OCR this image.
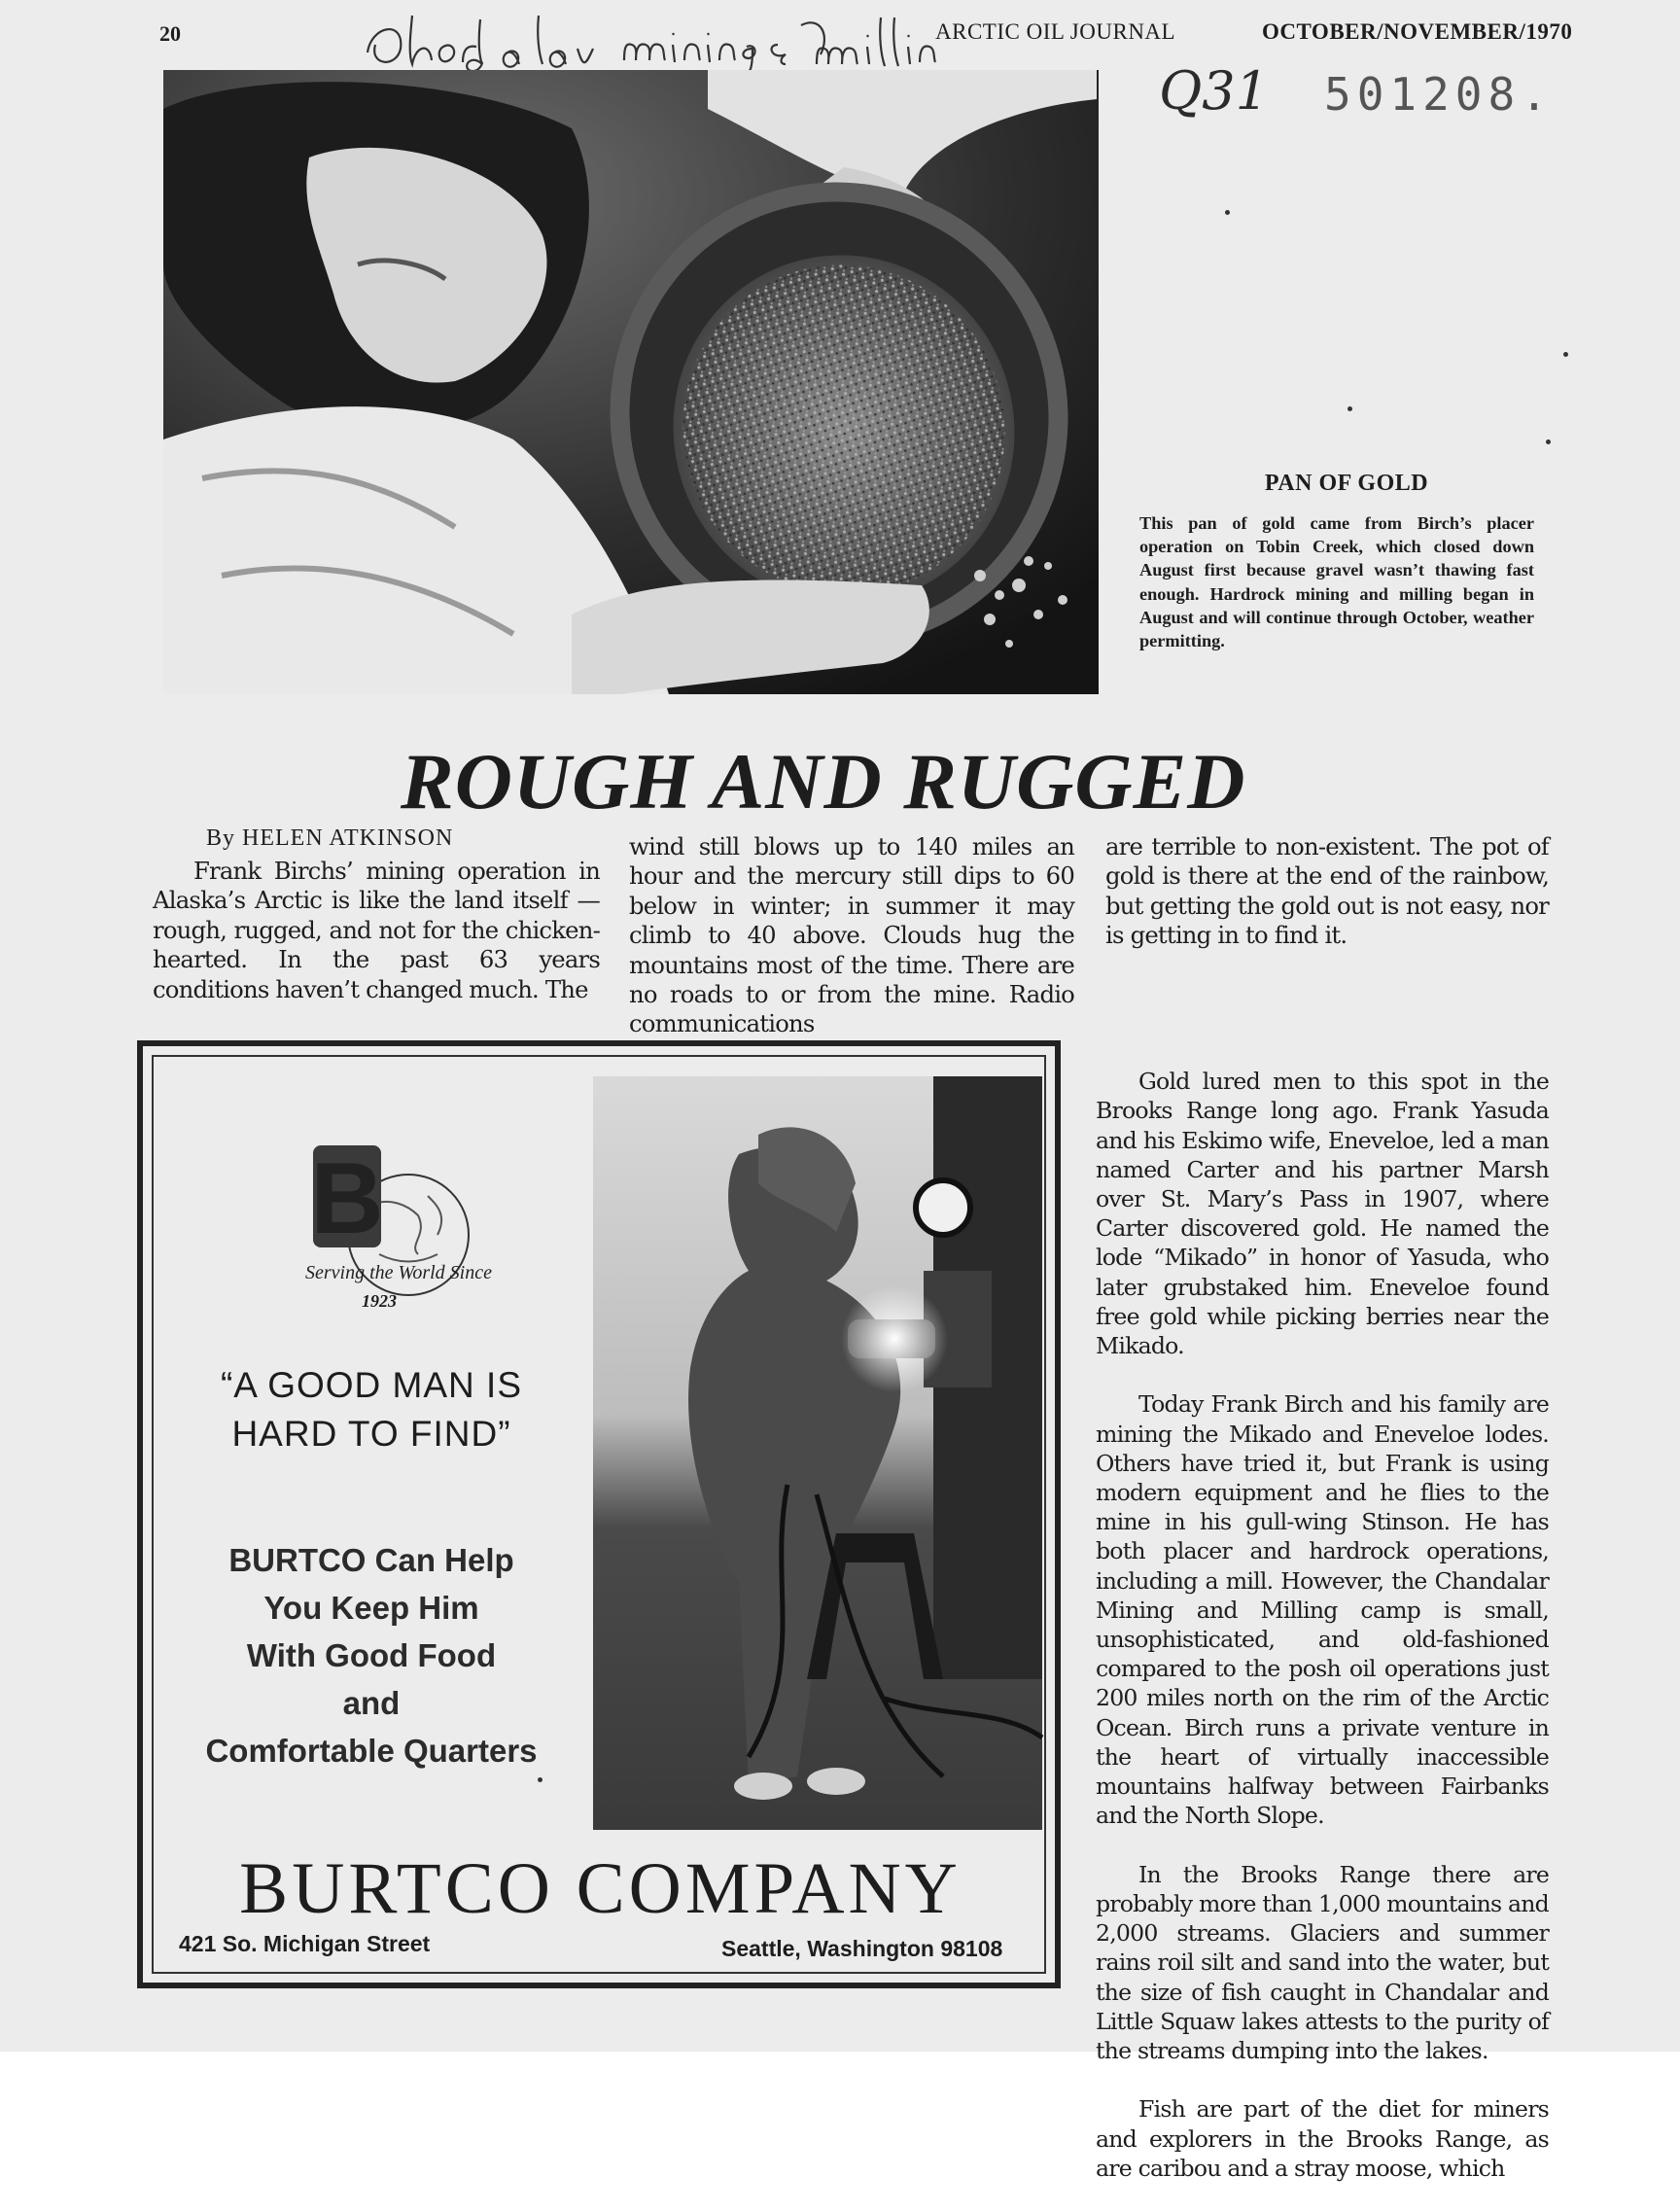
20	ARCTIC OIL JOURNAL	OCTOBER/NOVEMBER/1970
Q31 501208.
PAN OF GOLD
This pan of gold came from Birch’s placer operation on Tobin Creek, which closed down August first because gravel wasn’t thawing fast enough. Hardrock mining and milling began in August and will continue through October, weather permitting.
ROUGH AND RUGGED
By HELEN ATKINSON
Frank Birchs’ mining operation in Alaska’s Arctic is like the land itself — rough, rugged, and not for the chicken-hearted. In the past 63 years conditions haven’t changed much. The
wind still blows up to 140 miles an hour and the mercury still dips to 60 below in winter; in summer it may climb to 40 above. Clouds hug the mountains most of the time. There are no roads to or from the mine. Radio communications
are terrible to non-existent. The pot of gold is there at the end of the rainbow, but getting the gold out is not easy, nor is getting in to find it.

Gold lured men to this spot in the Brooks Range long ago. Frank Yasuda and his Eskimo wife, Eneveloe, led a man named Carter and his partner Marsh over St. Mary’s Pass in 1907, where Carter discovered gold. He named the lode “Mikado” in honor of Yasuda, who later grubstaked him. Eneveloe found free gold while picking berries near the Mikado.

Today Frank Birch and his family are mining the Mikado and Eneveloe lodes. Others have tried it, but Frank is using modern equipment and he flies to the mine in his gull-wing Stinson. He has both placer and hardrock operations, including a mill. However, the Chandalar Mining and Milling camp is small, unsophisticated, and old-fashioned compared to the posh oil operations just 200 miles north on the rim of the Arctic Ocean. Birch runs a private venture in the heart of virtually inaccessible mountains halfway between Fairbanks and the North Slope.

In the Brooks Range there are probably more than 1,000 mountains and 2,000 streams. Glaciers and summer rains roil silt and sand into the water, but the size of fish caught in Chandalar and Little Squaw lakes attests to the purity of the streams dumping into the lakes.

Fish are part of the diet for miners and explorers in the Brooks Range, as are caribou and a stray moose, which

B
Serving the World Since
1923
“A GOOD MAN IS
HARD TO FIND”
BURTCO Can Help
You Keep Him
With Good Food
and
Comfortable Quarters
BURTCO COMPANY
421 So. Michigan Street	Seattle, Washington 98108
